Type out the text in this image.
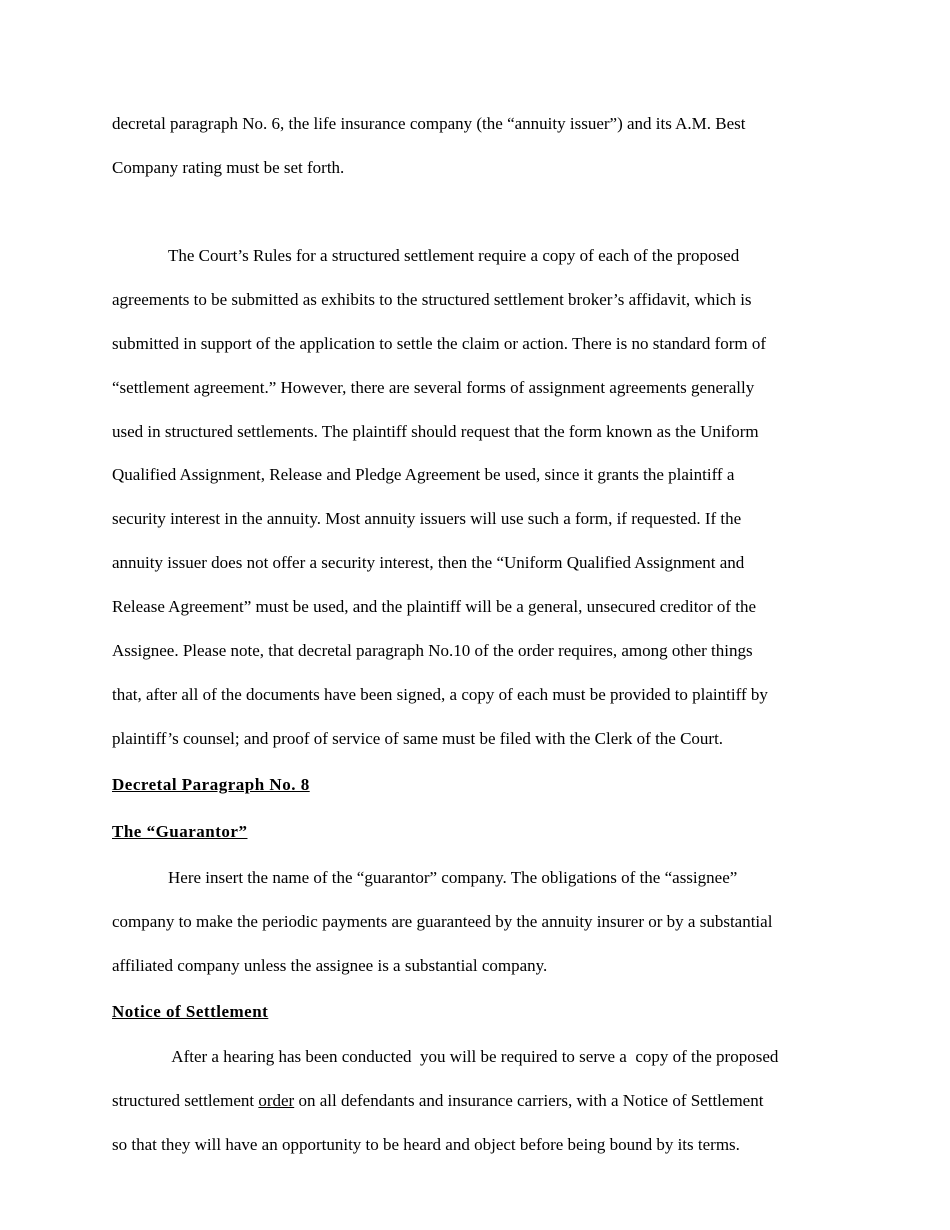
decretal paragraph No. 6, the life insurance company (the “annuity issuer”) and its A.M. Best
Company rating must be set forth.
The Court’s Rules for a structured settlement require a copy of each of the proposed
agreements to be submitted as exhibits to the structured settlement broker’s affidavit, which is
submitted in support of the application to settle the claim or action. There is no standard form of
“settlement agreement.” However, there are several forms of assignment agreements generally
used in structured settlements. The plaintiff should request that the form known as the Uniform
Qualified Assignment, Release and Pledge Agreement be used, since it grants the plaintiff a
security interest in the annuity. Most annuity issuers will use such a form, if requested. If the
annuity issuer does not offer a security interest, then the “Uniform Qualified Assignment and
Release Agreement” must be used, and the plaintiff will be a general, unsecured creditor of the
Assignee. Please note, that decretal paragraph No.10 of the order requires, among other things
that, after all of the documents have been signed, a copy of each must be provided to plaintiff by
plaintiff’s counsel; and proof of service of same must be filed with the Clerk of the Court.
Decretal Paragraph No. 8
The “Guarantor”
Here insert the name of the “guarantor” company. The obligations of the “assignee”
company to make the periodic payments are guaranteed by the annuity insurer or by a substantial
affiliated company unless the assignee is a substantial company.
Notice of Settlement
After a hearing has been conducted  you will be required to serve a  copy of the proposed
structured settlement order on all defendants and insurance carriers, with a Notice of Settlement
so that they will have an opportunity to be heard and object before being bound by its terms.
